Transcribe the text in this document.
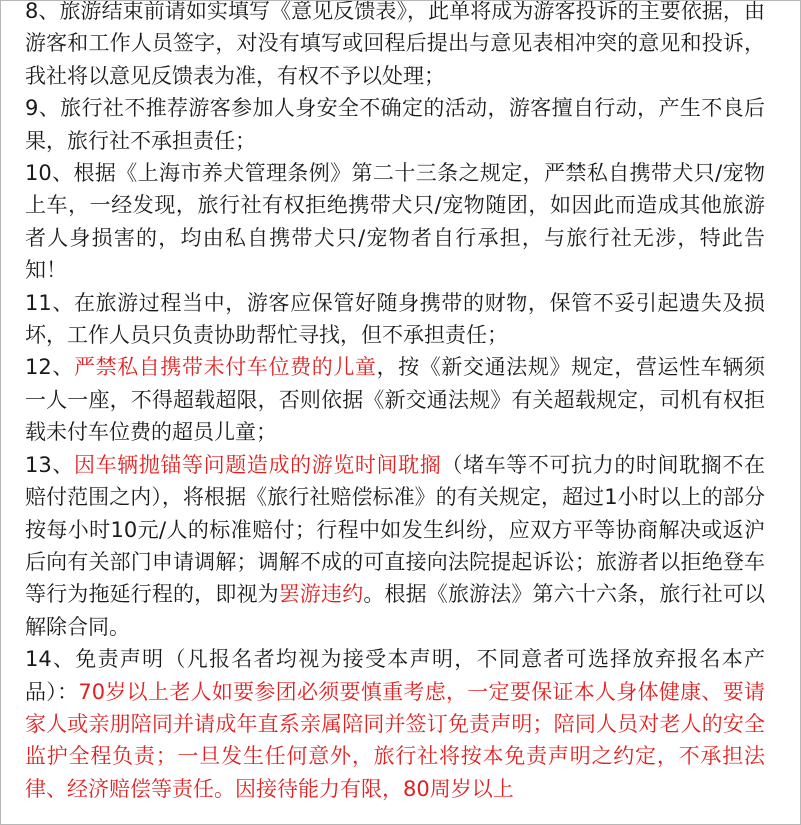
8、旅游结束前请如实填写《意见反馈表》，此单将成为游客投诉的主要依据，由游客和工作人员签字，对没有填写或回程后提出与意见表相冲突的意见和投诉，我社将以意见反馈表为准，有权不予以处理；

9、旅行社不推荐游客参加人身安全不确定的活动，游客擅自行动，产生不良后果，旅行社不承担责任；

10、根据《上海市养犬管理条例》第二十三条之规定，严禁私自携带犬只/宠物上车，一经发现，旅行社有权拒绝携带犬只/宠物随团，如因此而造成其他旅游者人身损害的，均由私自携带犬只/宠物者自行承担，与旅行社无涉，特此告知！

11、在旅游过程当中，游客应保管好随身携带的财物，保管不妥引起遗失及损坏，工作人员只负责协助帮忙寻找，但不承担责任；

12、严禁私自携带未付车位费的儿童，按《新交通法规》规定，营运性车辆须一人一座，不得超载超限，否则依据《新交通法规》有关超载规定，司机有权拒载未付车位费的超员儿童；

13、因车辆抛锚等问题造成的游览时间耽搁（堵车等不可抗力的时间耽搁不在赔付范围之内），将根据《旅行社赔偿标准》的有关规定，超过1小时以上的部分按每小时10元/人的标准赔付；行程中如发生纠纷，应双方平等协商解决或返沪后向有关部门申请调解；调解不成的可直接向法院提起诉讼；旅游者以拒绝登车等行为拖延行程的，即视为罢游违约。根据《旅游法》第六十六条，旅行社可以解除合同。

14、免责声明（凡报名者均视为接受本声明，不同意者可选择放弃报名本产品）：70岁以上老人如要参团必须要慎重考虑，一定要保证本人身体健康、要请家人或亲朋陪同并请成年直系亲属陪同并签订免责声明；陪同人员对老人的安全监护全程负责；一旦发生任何意外，旅行社将按本免责声明之约定，不承担法律、经济赔偿等责任。因接待能力有限，80周岁以上
